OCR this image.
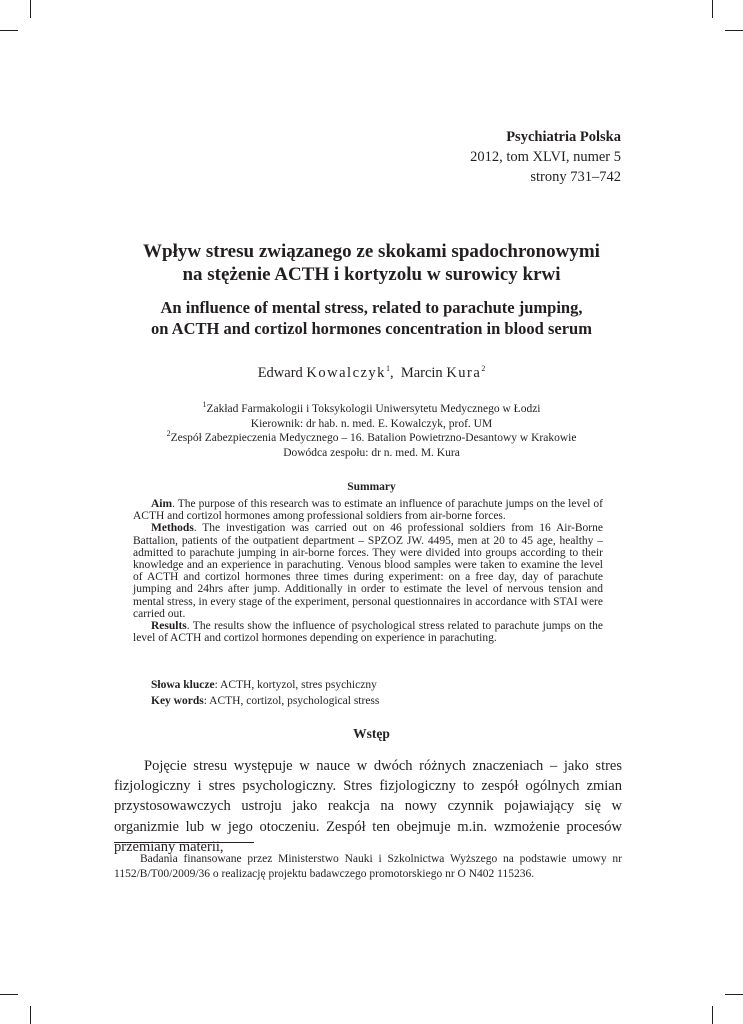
Psychiatria Polska
2012, tom XLVI, numer 5
strony 731–742
Wpływ stresu związanego ze skokami spadochronowymi
na stężenie ACTH i kortyzolu w surowicy krwi
An influence of mental stress, related to parachute jumping,
on ACTH and cortizol hormones concentration in blood serum
Edward Kowalczyk$^1$, Marcin Kura$^2$
$^1$Zakład Farmakologii i Toksykologii Uniwersytetu Medycznego w Łodzi
Kierownik: dr hab. n. med. E. Kowalczyk, prof. UM
$^2$Zespół Zabezpieczenia Medycznego – 16. Batalion Powietrzno-Desantowy w Krakowie
Dowódca zespołu: dr n. med. M. Kura
Summary

Aim. The purpose of this research was to estimate an influence of parachute jumps on the level of ACTH and cortizol hormones among professional soldiers from air-borne forces.

Methods. The investigation was carried out on 46 professional soldiers from 16 Air-Borne Battalion, patients of the outpatient department – SPZOZ JW. 4495, men at 20 to 45 age, healthy – admitted to parachute jumping in air-borne forces. They were divided into groups according to their knowledge and an experience in parachuting. Venous blood samples were taken to examine the level of ACTH and cortizol hormones three times during experiment: on a free day, day of parachute jumping and 24hrs after jump. Additionally in order to estimate the level of nervous tension and mental stress, in every stage of the experiment, personal questionnaires in accordance with STAI were carried out.

Results. The results show the influence of psychological stress related to parachute jumps on the level of ACTH and cortizol hormones depending on experience in parachuting.

Słowa klucze: ACTH, kortyzol, stres psychiczny
Key words: ACTH, cortizol, psychological stress
Wstęp

Pojęcie stresu występuje w nauce w dwóch różnych znaczeniach – jako stres fizjologiczny i stres psychologiczny. Stres fizjologiczny to zespół ogólnych zmian przystosowawczych ustroju jako reakcja na nowy czynnik pojawiający się w organizmie lub w jego otoczeniu. Zespół ten obejmuje m.in. wzmożenie procesów przemiany materii,

Badania finansowane przez Ministerstwo Nauki i Szkolnictwa Wyższego na podstawie umowy nr 1152/B/T00/2009/36 o realizację projektu badawczego promotorskiego nr O N402 115236.
